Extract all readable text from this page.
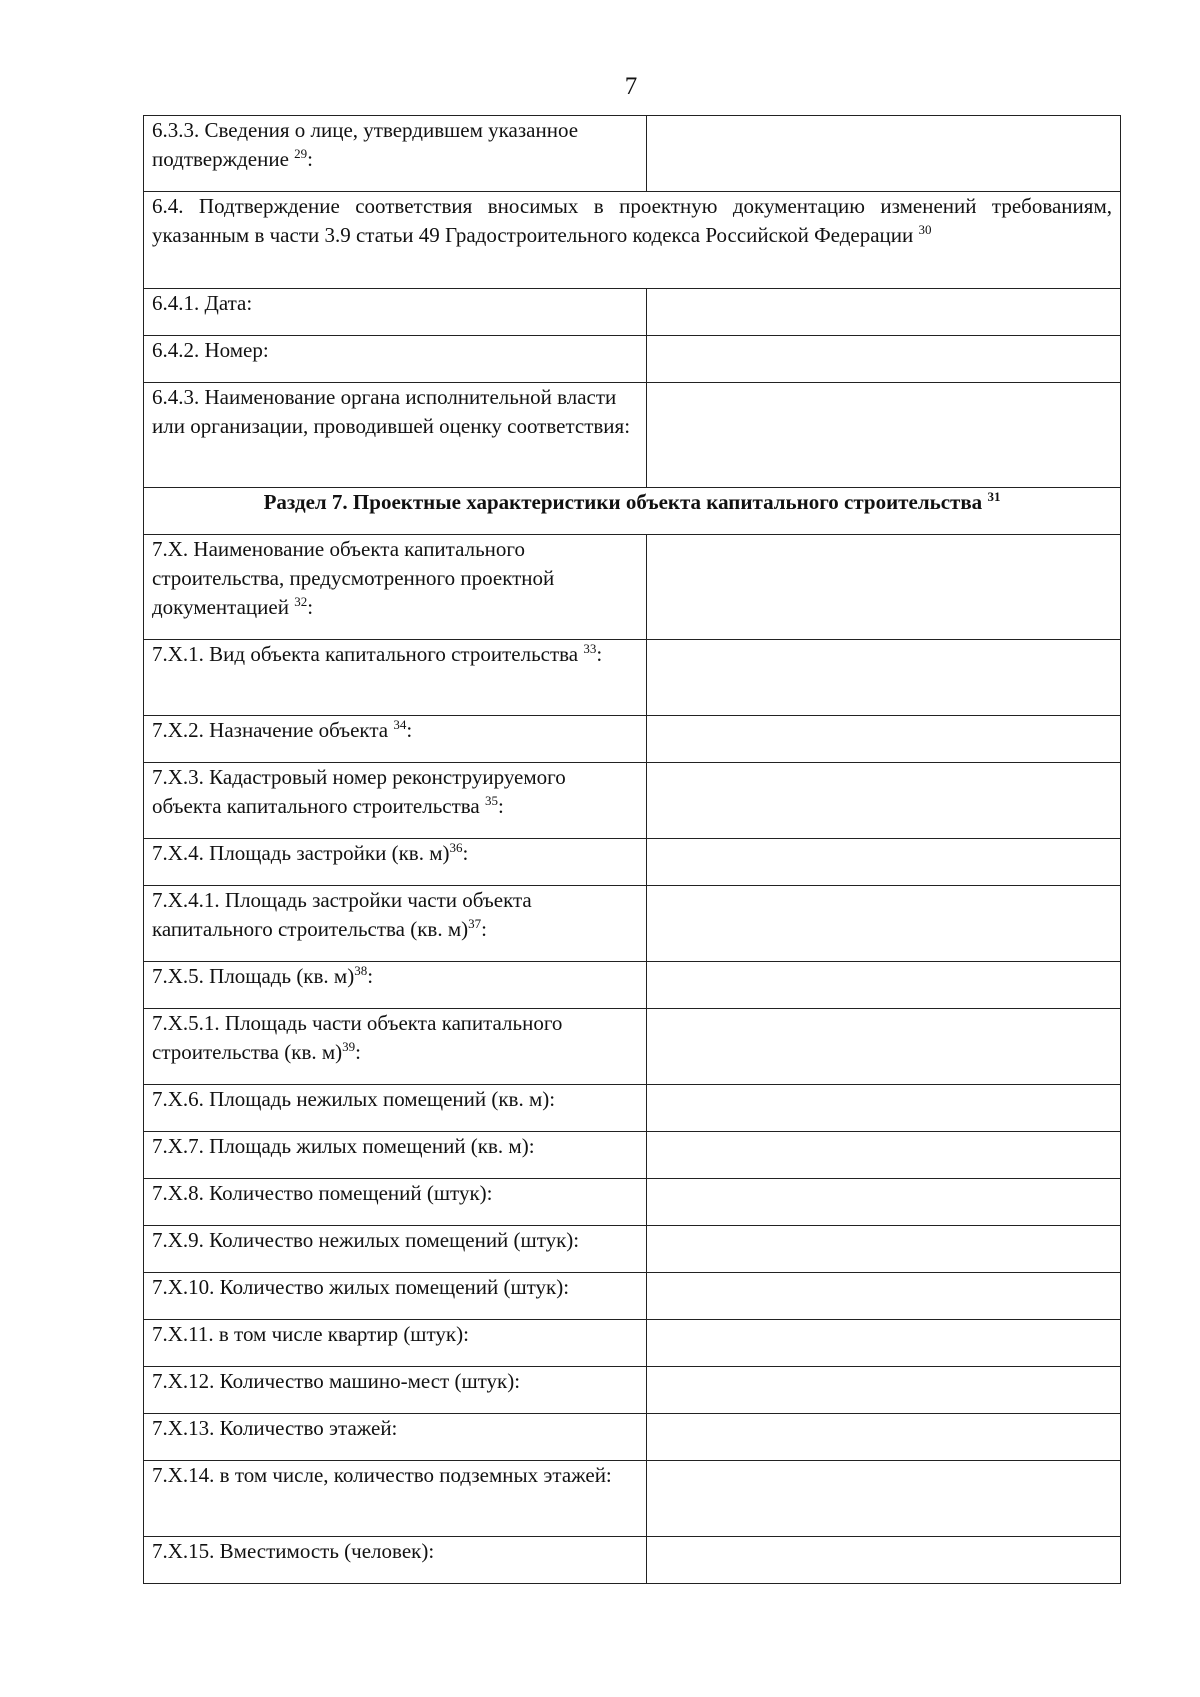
7
6.3.3. Сведения о лице, утвердившем указанное подтверждение $^{29}$:	
6.4. Подтверждение соответствия вносимых в проектную документацию изменений требованиям, указанным в части 3.9 статьи 49 Градостроительного кодекса Российской Федерации $^{30}$
6.4.1. Дата:	
6.4.2. Номер:	
6.4.3. Наименование органа исполнительной власти или организации, проводившей оценку соответствия:	
Раздел 7. Проектные характеристики объекта капитального строительства $^{31}$
7.Х. Наименование объекта капитального строительства, предусмотренного проектной документацией $^{32}$:	
7.Х.1. Вид объекта капитального строительства $^{33}$:	
7.Х.2. Назначение объекта $^{34}$:	
7.Х.3. Кадастровый номер реконструируемого объекта капитального строительства $^{35}$:	
7.Х.4. Площадь застройки (кв. м)$^{36}$:	
7.Х.4.1. Площадь застройки части объекта капитального строительства (кв. м)$^{37}$:	
7.Х.5. Площадь (кв. м)$^{38}$:	
7.Х.5.1. Площадь части объекта капитального строительства (кв. м)$^{39}$:	
7.Х.6. Площадь нежилых помещений (кв. м):	
7.Х.7. Площадь жилых помещений (кв. м):	
7.Х.8. Количество помещений (штук):	
7.Х.9. Количество нежилых помещений (штук):	
7.Х.10. Количество жилых помещений (штук):	
7.Х.11. в том числе квартир (штук):	
7.Х.12. Количество машино-мест (штук):	
7.Х.13. Количество этажей:	
7.Х.14. в том числе, количество подземных этажей:	
7.Х.15. Вместимость (человек):	
